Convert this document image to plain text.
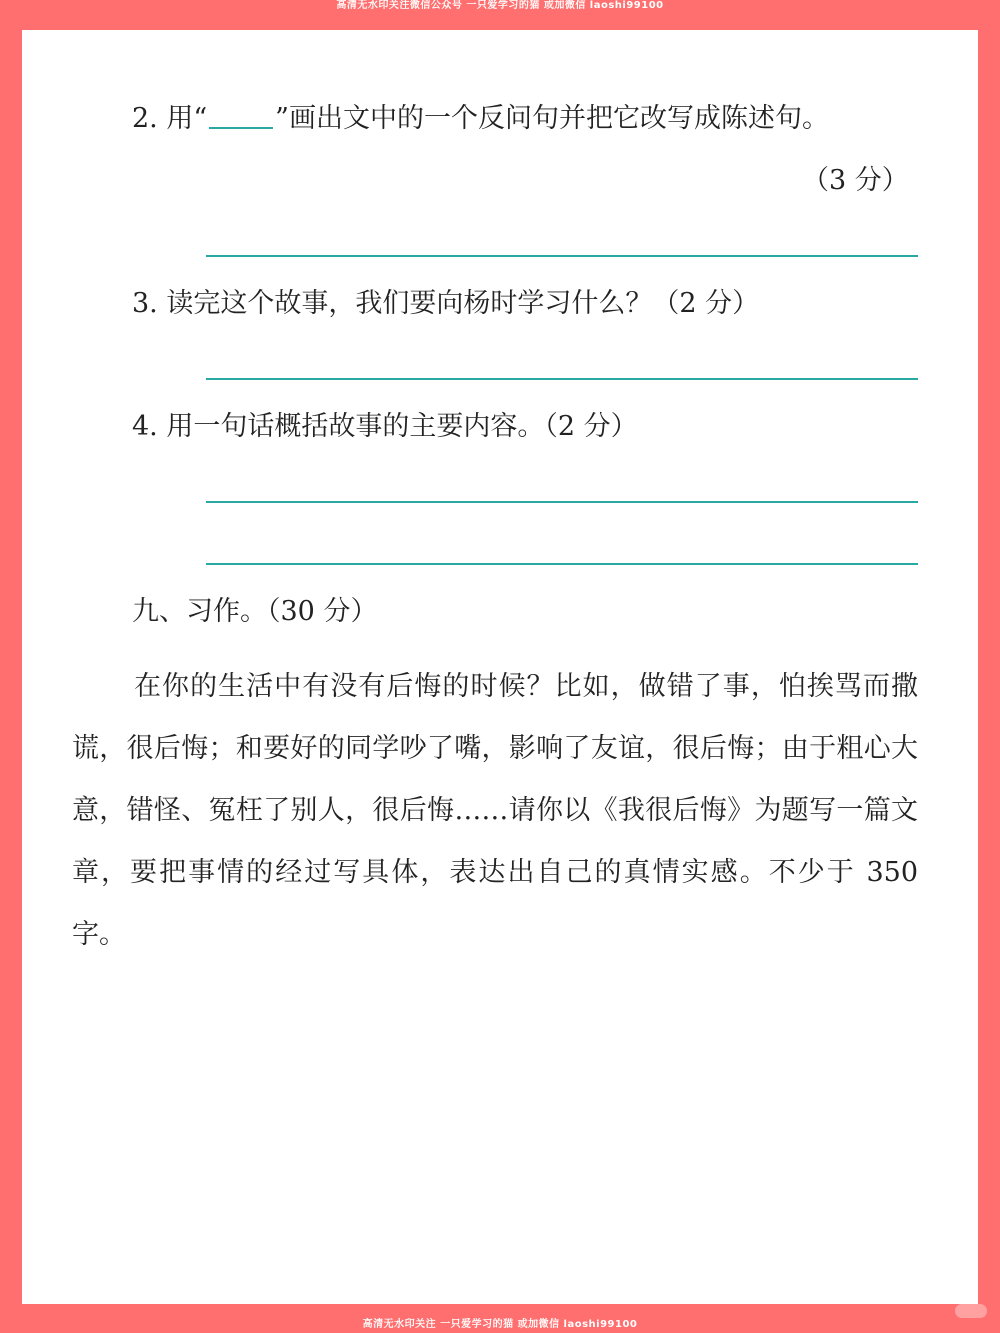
高清无水印关注微信公众号 一只爱学习的猫 或加微信 laoshi99100
2. 用“	”画出文中的一个反问句并把它改写成陈述句。
（3 分）
3. 读完这个故事，我们要向杨时学习什么？（2 分）
4. 用一句话概括故事的主要内容。（2 分）
九、习作。（30 分）

在你的生活中有没有后悔的时候？比如，做错了事，怕挨骂而撒谎，很后悔；和要好的同学吵了嘴，影响了友谊，很后悔；由于粗心大意，错怪、冤枉了别人，很后悔……请你以《我很后悔》为题写一篇文章，要把事情的经过写具体，表达出自己的真情实感。不少于 350 字。

高清无水印关注 一只爱学习的猫 或加微信 laoshi99100
